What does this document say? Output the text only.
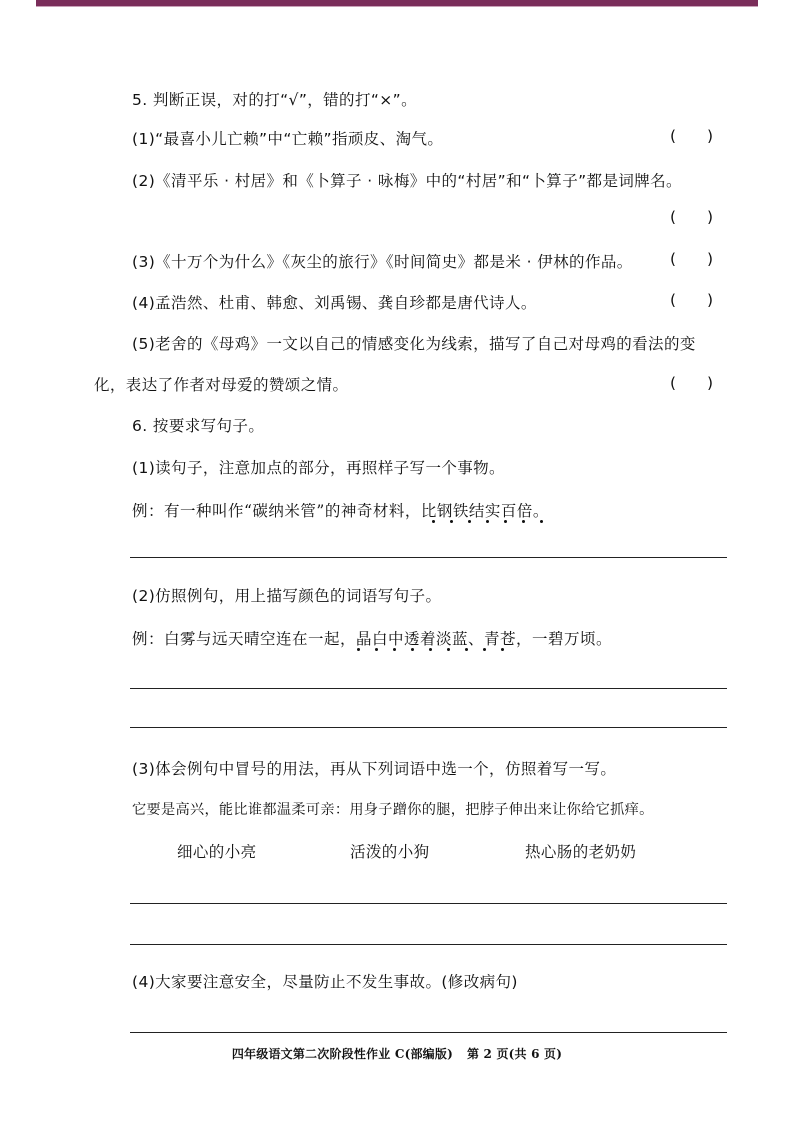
5. 判断正误，对的打“√”，错的打“×”。
(1)“最喜小儿亡赖”中“亡赖”指顽皮、淘气。	(　　)
(2)《清平乐 · 村居》和《卜算子 · 咏梅》中的“村居”和“卜算子”都是词牌名。
(　　)
(3)《十万个为什么》《灰尘的旅行》《时间简史》都是米 · 伊林的作品。 (　　)
(4)孟浩然、杜甫、韩愈、刘禹锡、龚自珍都是唐代诗人。	(　　)
(5)老舍的《母鸡》一文以自己的情感变化为线索，描写了自己对母鸡的看法的变
化，表达了作者对母爱的赞颂之情。	(　　)
6. 按要求写句子。
(1)读句子，注意加点的部分，再照样子写一个事物。
例：有一种叫作“碳纳米管”的神奇材料，比钢铁结实百倍。
(2)仿照例句，用上描写颜色的词语写句子。
例：白雾与远天晴空连在一起，晶白中透着淡蓝、青苍，一碧万顷。
(3)体会例句中冒号的用法，再从下列词语中选一个，仿照着写一写。
它要是高兴，能比谁都温柔可亲：用身子蹭你的腿，把脖子伸出来让你给它抓痒。
细心的小亮	活泼的小狗	热心肠的老奶奶
(4)大家要注意安全，尽量防止不发生事故。(修改病句)
四年级语文第二次阶段性作业 C(部编版) 第 2 页(共 6 页)
